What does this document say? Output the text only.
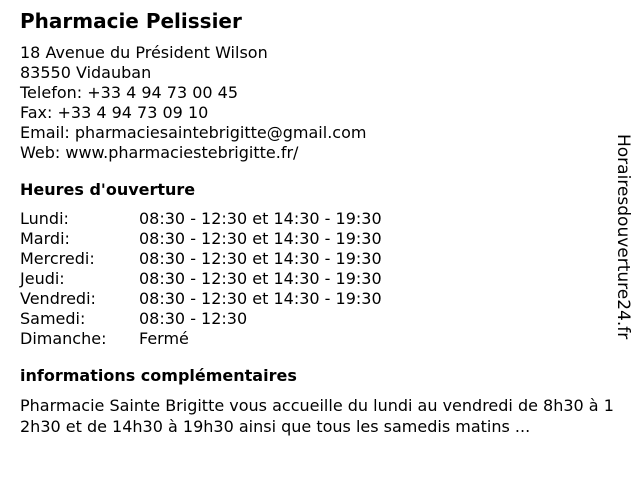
Pharmacie Pelissier
18 Avenue du Président Wilson
83550 Vidauban
Telefon: +33 4 94 73 00 45
Fax: +33 4 94 73 09 10
Email: pharmaciesaintebrigitte@gmail.com
Web: www.pharmaciestebrigitte.fr/
Heures d'ouverture
Lundi:	08:30 - 12:30 et 14:30 - 19:30
Mardi:	08:30 - 12:30 et 14:30 - 19:30
Mercredi:	08:30 - 12:30 et 14:30 - 19:30
Jeudi:	08:30 - 12:30 et 14:30 - 19:30
Vendredi:	08:30 - 12:30 et 14:30 - 19:30
Samedi:	08:30 - 12:30
Dimanche:	Fermé
informations complémentaires
Pharmacie Sainte Brigitte vous accueille du lundi au vendredi de 8h30 à 12h30 et de 14h30 à 19h30 ainsi que tous les samedis matins ...
Horairesdouverture24.fr
